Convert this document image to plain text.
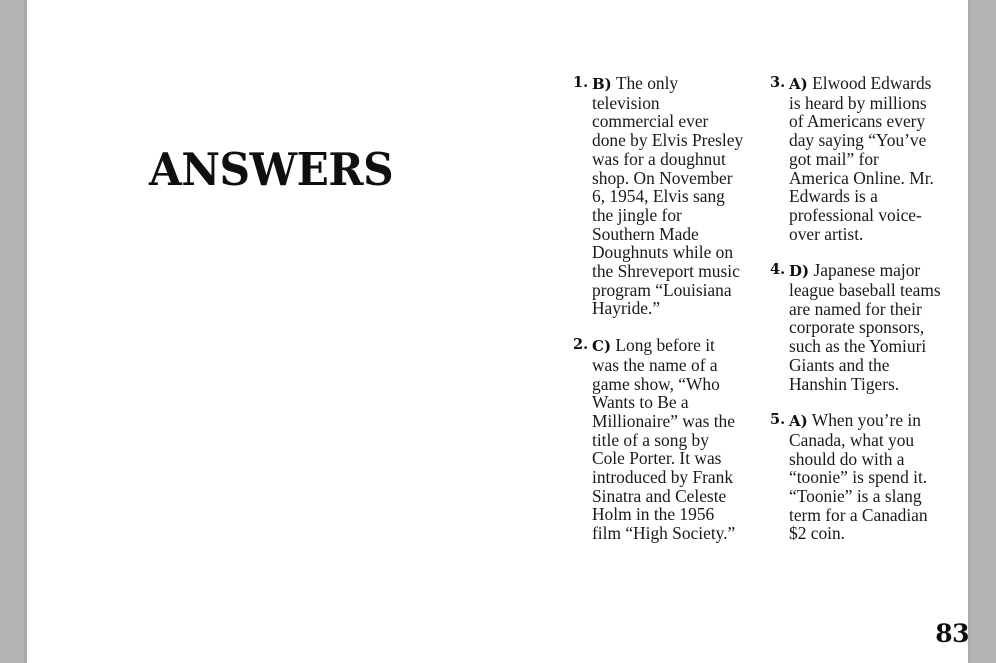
ANSWERS
1. B) The only television commercial ever done by Elvis Presley was for a doughnut shop. On November 6, 1954, Elvis sang the jingle for Southern Made Doughnuts while on the Shreveport music program “Louisiana Hayride.”
2. C) Long before it was the name of a game show, “Who Wants to Be a Millionaire” was the title of a song by Cole Porter. It was introduced by Frank Sinatra and Celeste Holm in the 1956 film “High Society.”
3. A) Elwood Edwards is heard by millions of Americans every day saying “You’ve got mail” for America Online. Mr. Edwards is a professional voice-over artist.
4. D) Japanese major league baseball teams are named for their corporate sponsors, such as the Yomiuri Giants and the Hanshin Tigers.
5. A) When you’re in Canada, what you should do with a “toonie” is spend it. “Toonie” is a slang term for a Canadian $2 coin.
83
